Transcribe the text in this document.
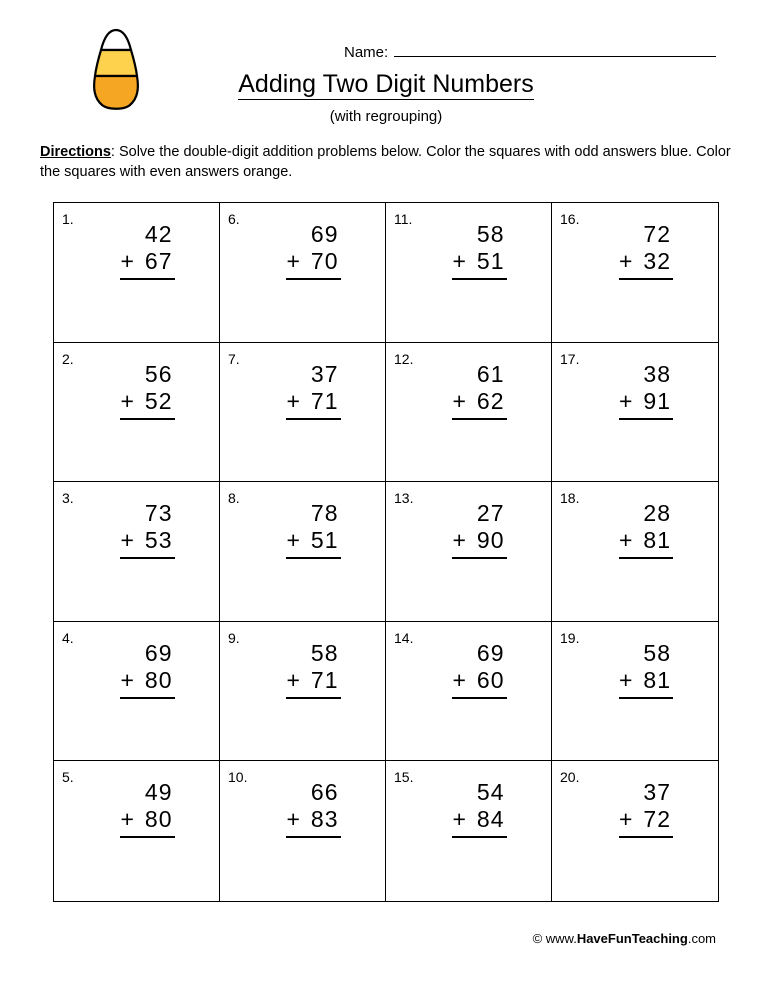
Name:
Adding Two Digit Numbers
(with regrouping)
Directions: Solve the double-digit addition problems below. Color the squares with odd answers blue. Color the squares with even answers orange.
1.
42
+ 67
6.
69
+ 70
11.
58
+ 51
16.
72
+ 32
2.
56
+ 52
7.
37
+ 71
12.
61
+ 62
17.
38
+ 91
3.
73
+ 53
8.
78
+ 51
13.
27
+ 90
18.
28
+ 81
4.
69
+ 80
9.
58
+ 71
14.
69
+ 60
19.
58
+ 81
5.
49
+ 80
10.
66
+ 83
15.
54
+ 84
20.
37
+ 72
© www.HaveFunTeaching.com
